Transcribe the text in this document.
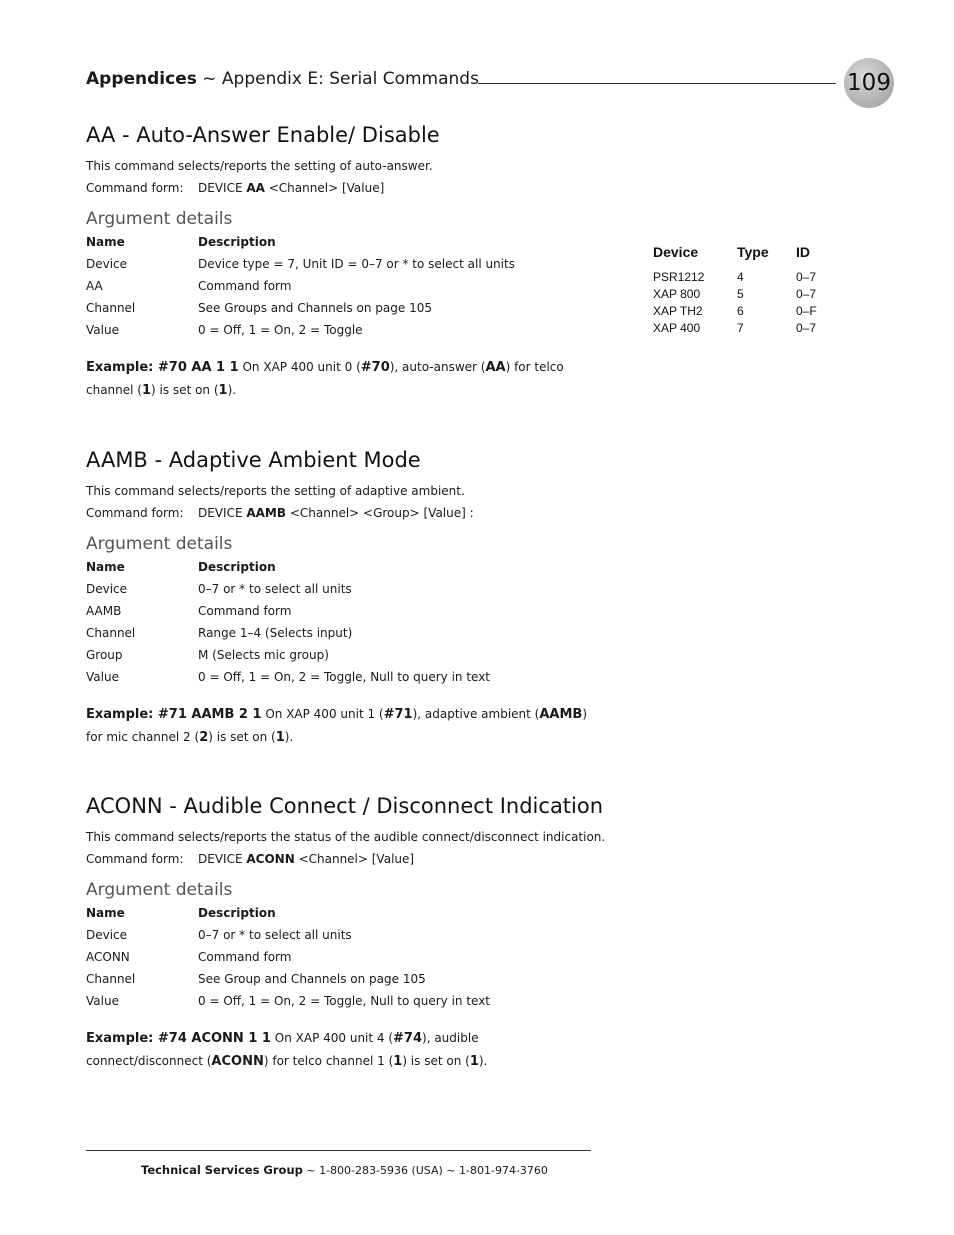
Appendices ~ Appendix E: Serial Commands	109
Device	Type ID
PSR1212	4	0–7
XAP 800	5	0–7
XAP TH2	6	0–F
XAP 400	7	0–7
AA - Auto-Answer Enable/ Disable

This command selects/reports the setting of auto-answer.

Command form: DEVICE AA <Channel> [Value]

Argument details

Name	Description
Device	Device type = 7, Unit ID = 0–7 or * to select all units
AA	Command form
Channel	See Groups and Channels on page 105
Value	0 = Off, 1 = On, 2 = Toggle

Example: #70 AA 1 1 On XAP 400 unit 0 (#70), auto-answer (AA) for telco channel (1) is set on (1).

AAMB - Adaptive Ambient Mode

This command selects/reports the setting of adaptive ambient.

Command form: DEVICE AAMB <Channel> <Group> [Value] :

Argument details

Name	Description
Device	0–7 or * to select all units
AAMB	Command form
Channel	Range 1–4 (Selects input)
Group	M (Selects mic group)
Value	0 = Off, 1 = On, 2 = Toggle, Null to query in text

Example: #71 AAMB 2 1 On XAP 400 unit 1 (#71), adaptive ambient (AAMB) for mic channel 2 (2) is set on (1).

ACONN - Audible Connect / Disconnect Indication

This command selects/reports the status of the audible connect/disconnect indication.

Command form: DEVICE ACONN <Channel> [Value]

Argument details

Name	Description
Device	0–7 or * to select all units
ACONN	Command form
Channel	See Group and Channels on page 105
Value	0 = Off, 1 = On, 2 = Toggle, Null to query in text

Example: #74 ACONN 1 1 On XAP 400 unit 4 (#74), audible connect/disconnect (ACONN) for telco channel 1 (1) is set on (1).

Technical Services Group ~ 1-800-283-5936 (USA) ~ 1-801-974-3760
